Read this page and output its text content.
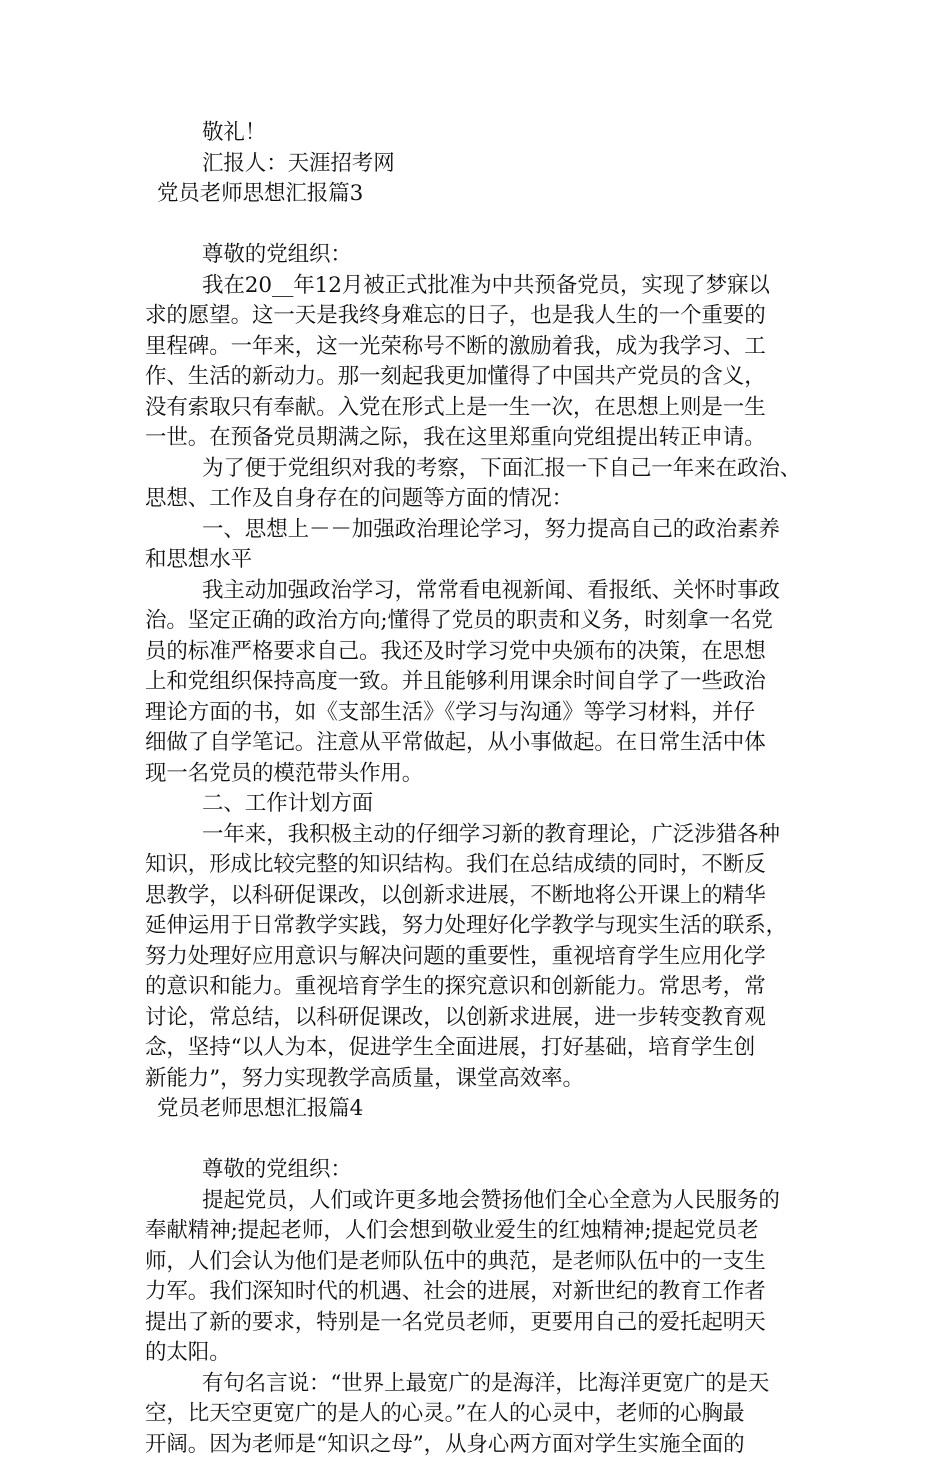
敬礼！
汇报人：天涯招考网
党员老师思想汇报篇3
尊敬的党组织：
我在20__年12月被正式批准为中共预备党员，实现了梦寐以
求的愿望。这一天是我终身难忘的日子，也是我人生的一个重要的
里程碑。一年来，这一光荣称号不断的激励着我，成为我学习、工
作、生活的新动力。那一刻起我更加懂得了中国共产党员的含义，
没有索取只有奉献。入党在形式上是一生一次，在思想上则是一生
一世。在预备党员期满之际，我在这里郑重向党组提出转正申请。
为了便于党组织对我的考察，下面汇报一下自己一年来在政治、
思想、工作及自身存在的问题等方面的情况：
一、思想上－－加强政治理论学习，努力提高自己的政治素养
和思想水平
我主动加强政治学习，常常看电视新闻、看报纸、关怀时事政
治。坚定正确的政治方向;懂得了党员的职责和义务，时刻拿一名党
员的标准严格要求自己。我还及时学习党中央颁布的决策，在思想
上和党组织保持高度一致。并且能够利用课余时间自学了一些政治
理论方面的书，如《支部生活》《学习与沟通》等学习材料，并仔
细做了自学笔记。注意从平常做起，从小事做起。在日常生活中体
现一名党员的模范带头作用。
二、工作计划方面
一年来，我积极主动的仔细学习新的教育理论，广泛涉猎各种
知识，形成比较完整的知识结构。我们在总结成绩的同时，不断反
思教学，以科研促课改，以创新求进展，不断地将公开课上的精华
延伸运用于日常教学实践，努力处理好化学教学与现实生活的联系，
努力处理好应用意识与解决问题的重要性，重视培育学生应用化学
的意识和能力。重视培育学生的探究意识和创新能力。常思考，常
讨论，常总结，以科研促课改，以创新求进展，进一步转变教育观
念，坚持“以人为本，促进学生全面进展，打好基础，培育学生创
新能力”，努力实现教学高质量，课堂高效率。
党员老师思想汇报篇4
尊敬的党组织：
提起党员，人们或许更多地会赞扬他们全心全意为人民服务的
奉献精神;提起老师，人们会想到敬业爱生的红烛精神;提起党员老
师，人们会认为他们是老师队伍中的典范，是老师队伍中的一支生
力军。我们深知时代的机遇、社会的进展，对新世纪的教育工作者
提出了新的要求，特别是一名党员老师，更要用自己的爱托起明天
的太阳。
有句名言说：“世界上最宽广的是海洋，比海洋更宽广的是天
空，比天空更宽广的是人的心灵。”在人的心灵中，老师的心胸最
开阔。因为老师是“知识之母”，从身心两方面对学生实施全面的
